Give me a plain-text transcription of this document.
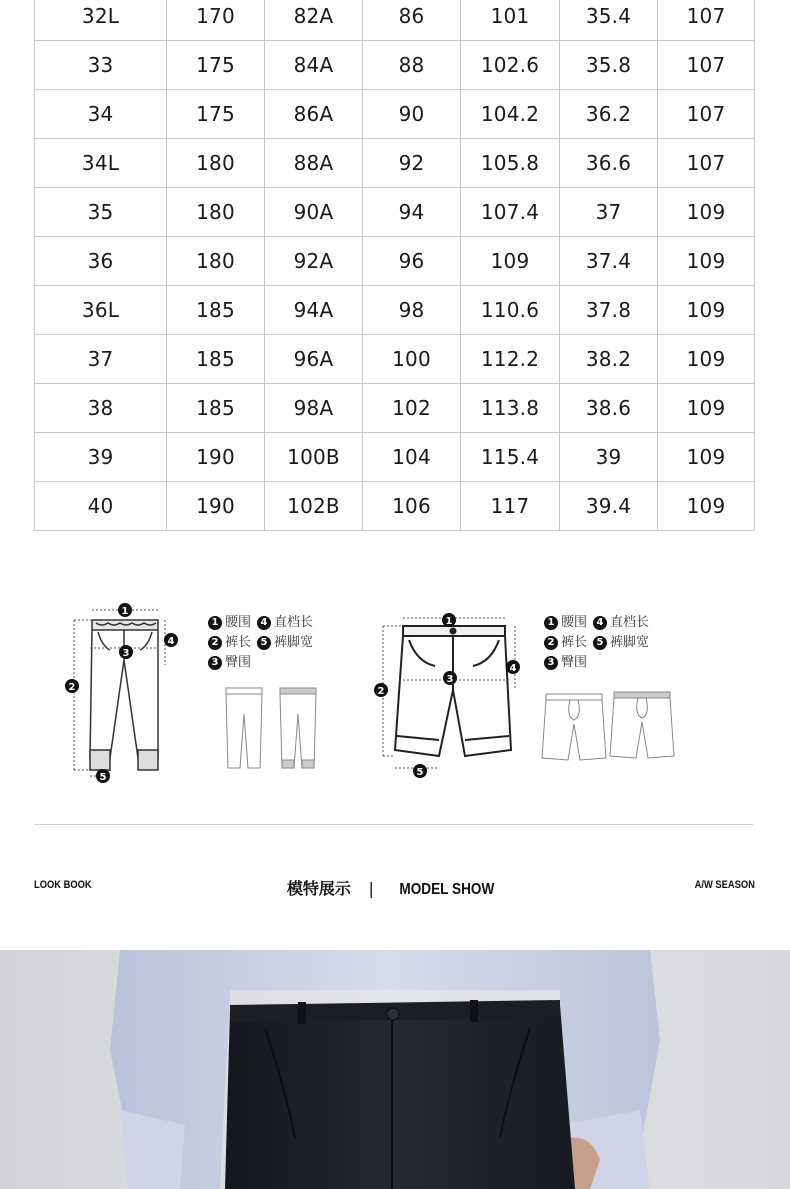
32L	170	82A	86	101	35.4	107
33	175	84A	88	102.6	35.8	107
34	175	86A	90	104.2	36.2	107
34L	180	88A	92	105.8	36.6	107
35	180	90A	94	107.4	37	109
36	180	92A	96	109	37.4	109
36L	185	94A	98	110.6	37.8	109
37	185	96A	100	112.2	38.2	109
38	185	98A	102	113.8	38.6	109
39	190	100B	104	115.4	39	109
40	190	102B	106	117	39.4	109
1
2
3
4
5
1 腰围 4 直档长
2 裤长 5 裤脚宽
3 臀围
1
2
3
4
5
1 腰围 4 直档长
2 裤长 5 裤脚宽
3 臀围
LOOK BOOK	模特展示 | MODEL SHOW	A/W SEASON
